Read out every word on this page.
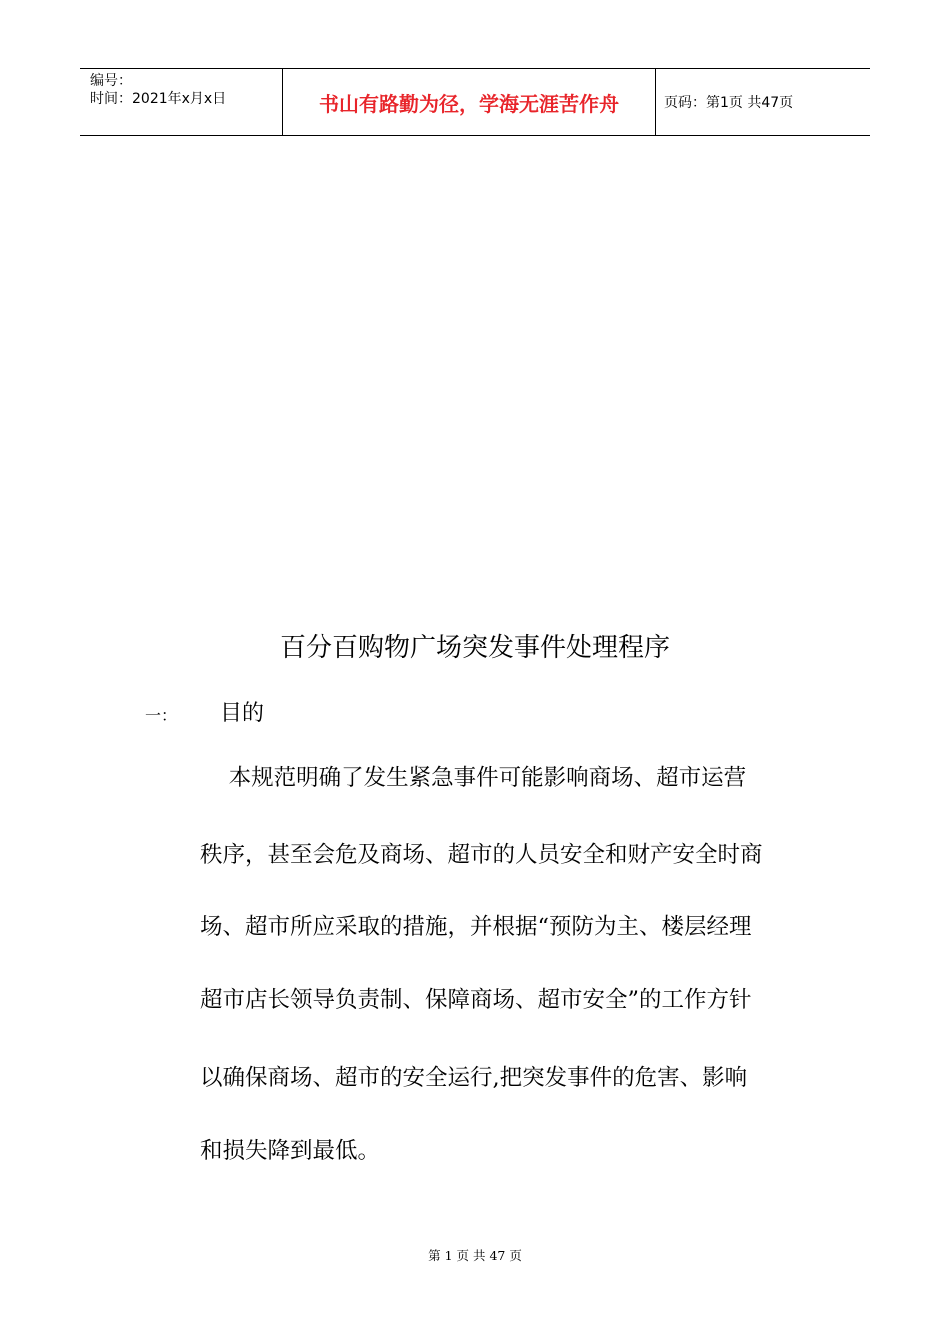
编号：
时间：2021年x月x日	书山有路勤为径，学海无涯苦作舟	页码：第1页 共47页
百分百购物广场突发事件处理程序
一： 目的
本规范明确了发生紧急事件可能影响商场、超市运营
秩序，甚至会危及商场、超市的人员安全和财产安全时商
场、超市所应采取的措施，并根据“预防为主、楼层经理
超市店长领导负责制、保障商场、超市安全”的工作方针
以确保商场、超市的安全运行,把突发事件的危害、影响
和损失降到最低。
第 1 页 共 47 页
